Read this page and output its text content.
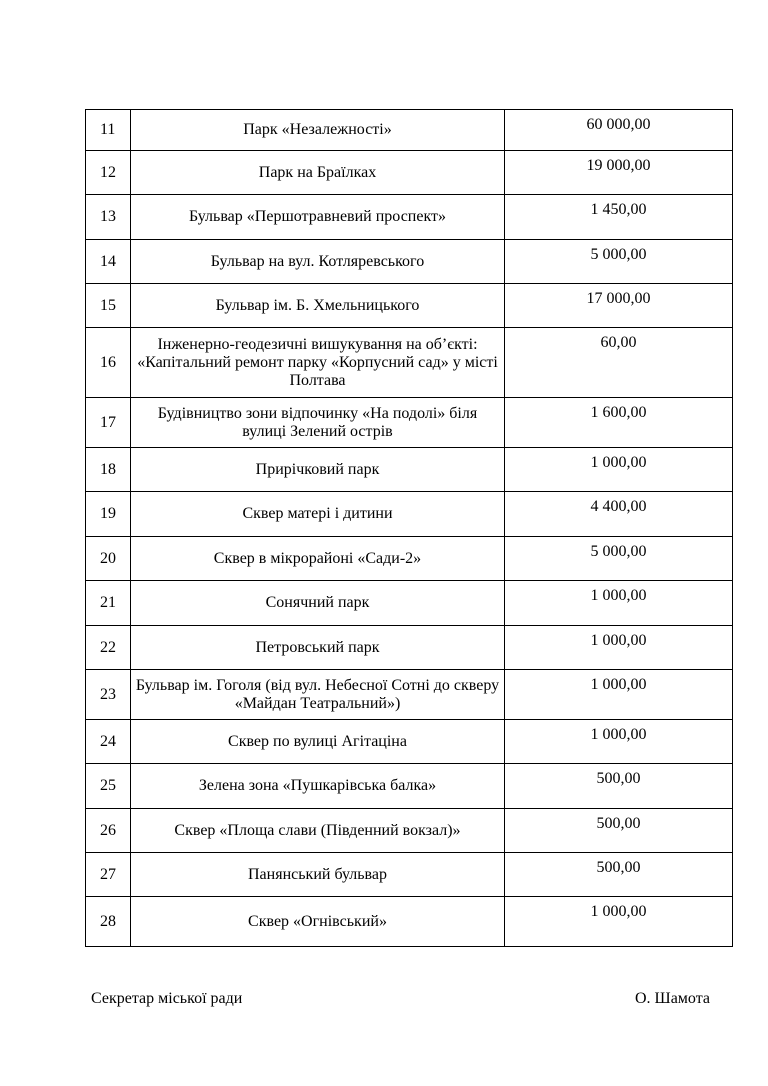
11	Парк «Незалежності»	60 000,00

12	Парк на Браїлках	19 000,00

13	Бульвар «Першотравневий проспект»	1 450,00

14	Бульвар на вул. Котляревського	5 000,00

15	Бульвар ім. Б. Хмельницького	17 000,00

16	Інженерно-геодезичні вишукування на об’єкті: «Капітальний ремонт парку «Корпусний сад» у місті Полтава	60,00

17	Будівництво зони відпочинку «На подолі» біля вулиці Зелений острів	1 600,00

18	Прирічковий парк	1 000,00

19	Сквер матері і дитини	4 400,00

20	Сквер в мікрорайоні «Сади-2»	5 000,00

21	Сонячний парк	1 000,00

22	Петровський парк	1 000,00

23	Бульвар ім. Гоголя (від вул. Небесної Сотні до скверу «Майдан Театральний»)	1 000,00

24	Сквер по вулиці Агітаціна	1 000,00

25	Зелена зона «Пушкарівська балка»	500,00

26	Сквер «Площа слави (Південний вокзал)»	500,00

27	Панянський бульвар	500,00

28	Сквер «Огнівський»	1 000,00
Секретар міської ради	О. Шамота
